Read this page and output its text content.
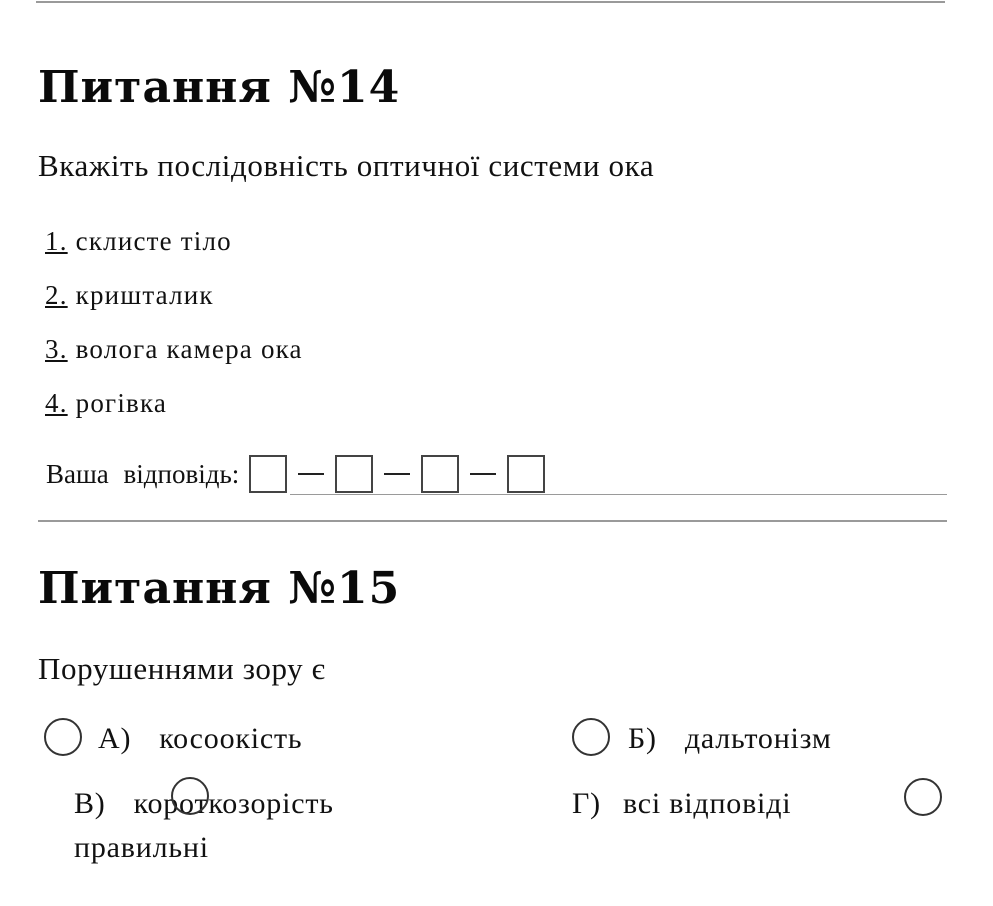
Питання №14
Вкажіть послідовність оптичної системи ока
1. склисте тіло
2. кришталик
3. волога камера ока
4. рогівка
Ваша відповідь:
Питання №15
Порушеннями зору є
А) косоокість	Б) дальтонізм
В) короткозорість
правильні
Г) всі відповіді
